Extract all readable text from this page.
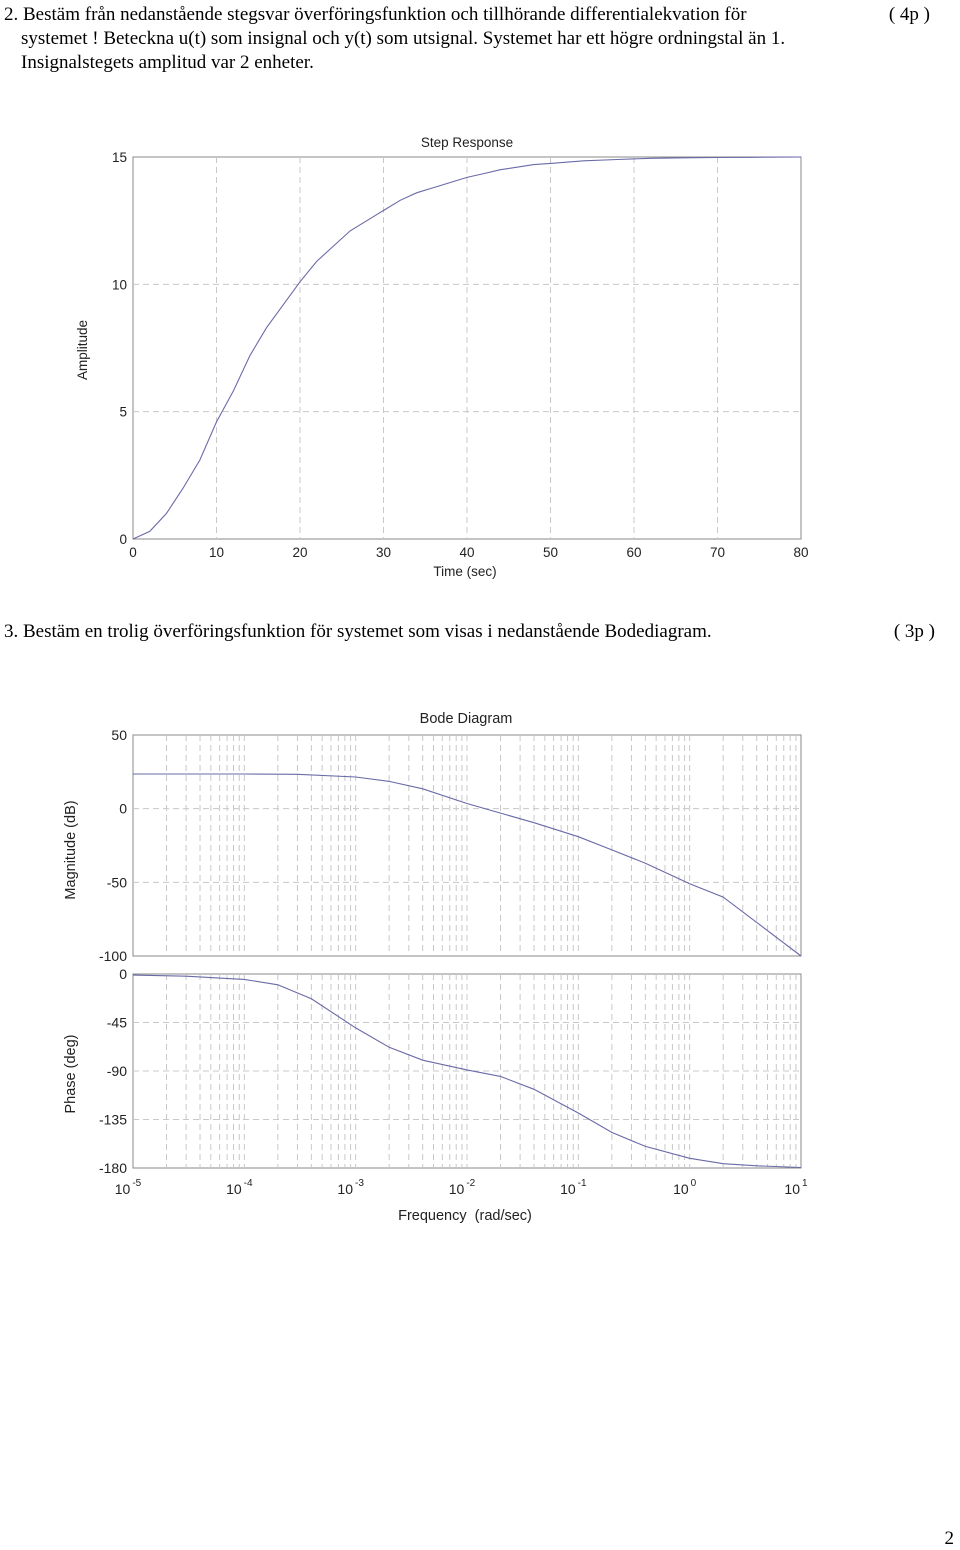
2. Bestäm från nedanstående stegsvar överföringsfunktion och tillhörande differentialekvation för	( 4p )
systemet ! Beteckna u(t) som insignal och y(t) som utsignal. Systemet har ett högre ordningstal än 1.
Insignalstegets amplitud var 2 enheter.
0	10	20	30	40	50	60	70	80
0
5
10
15
Step Response
Time (sec)
Amplitude
3. Bestäm en trolig överföringsfunktion för systemet som visas i nedanstående Bodediagram.	( 3p )
50
0
-50
-100
0
-45
-90
-135
-180
10 $^{-5}$	10 $^{-4}$	10 $^{-3}$	10 $^{-2}$	10 $^{-1}$	10 $^0$	10 $^1$
Bode Diagram
Magnitude (dB)
Phase (deg)
Frequency  (rad/sec)
2
